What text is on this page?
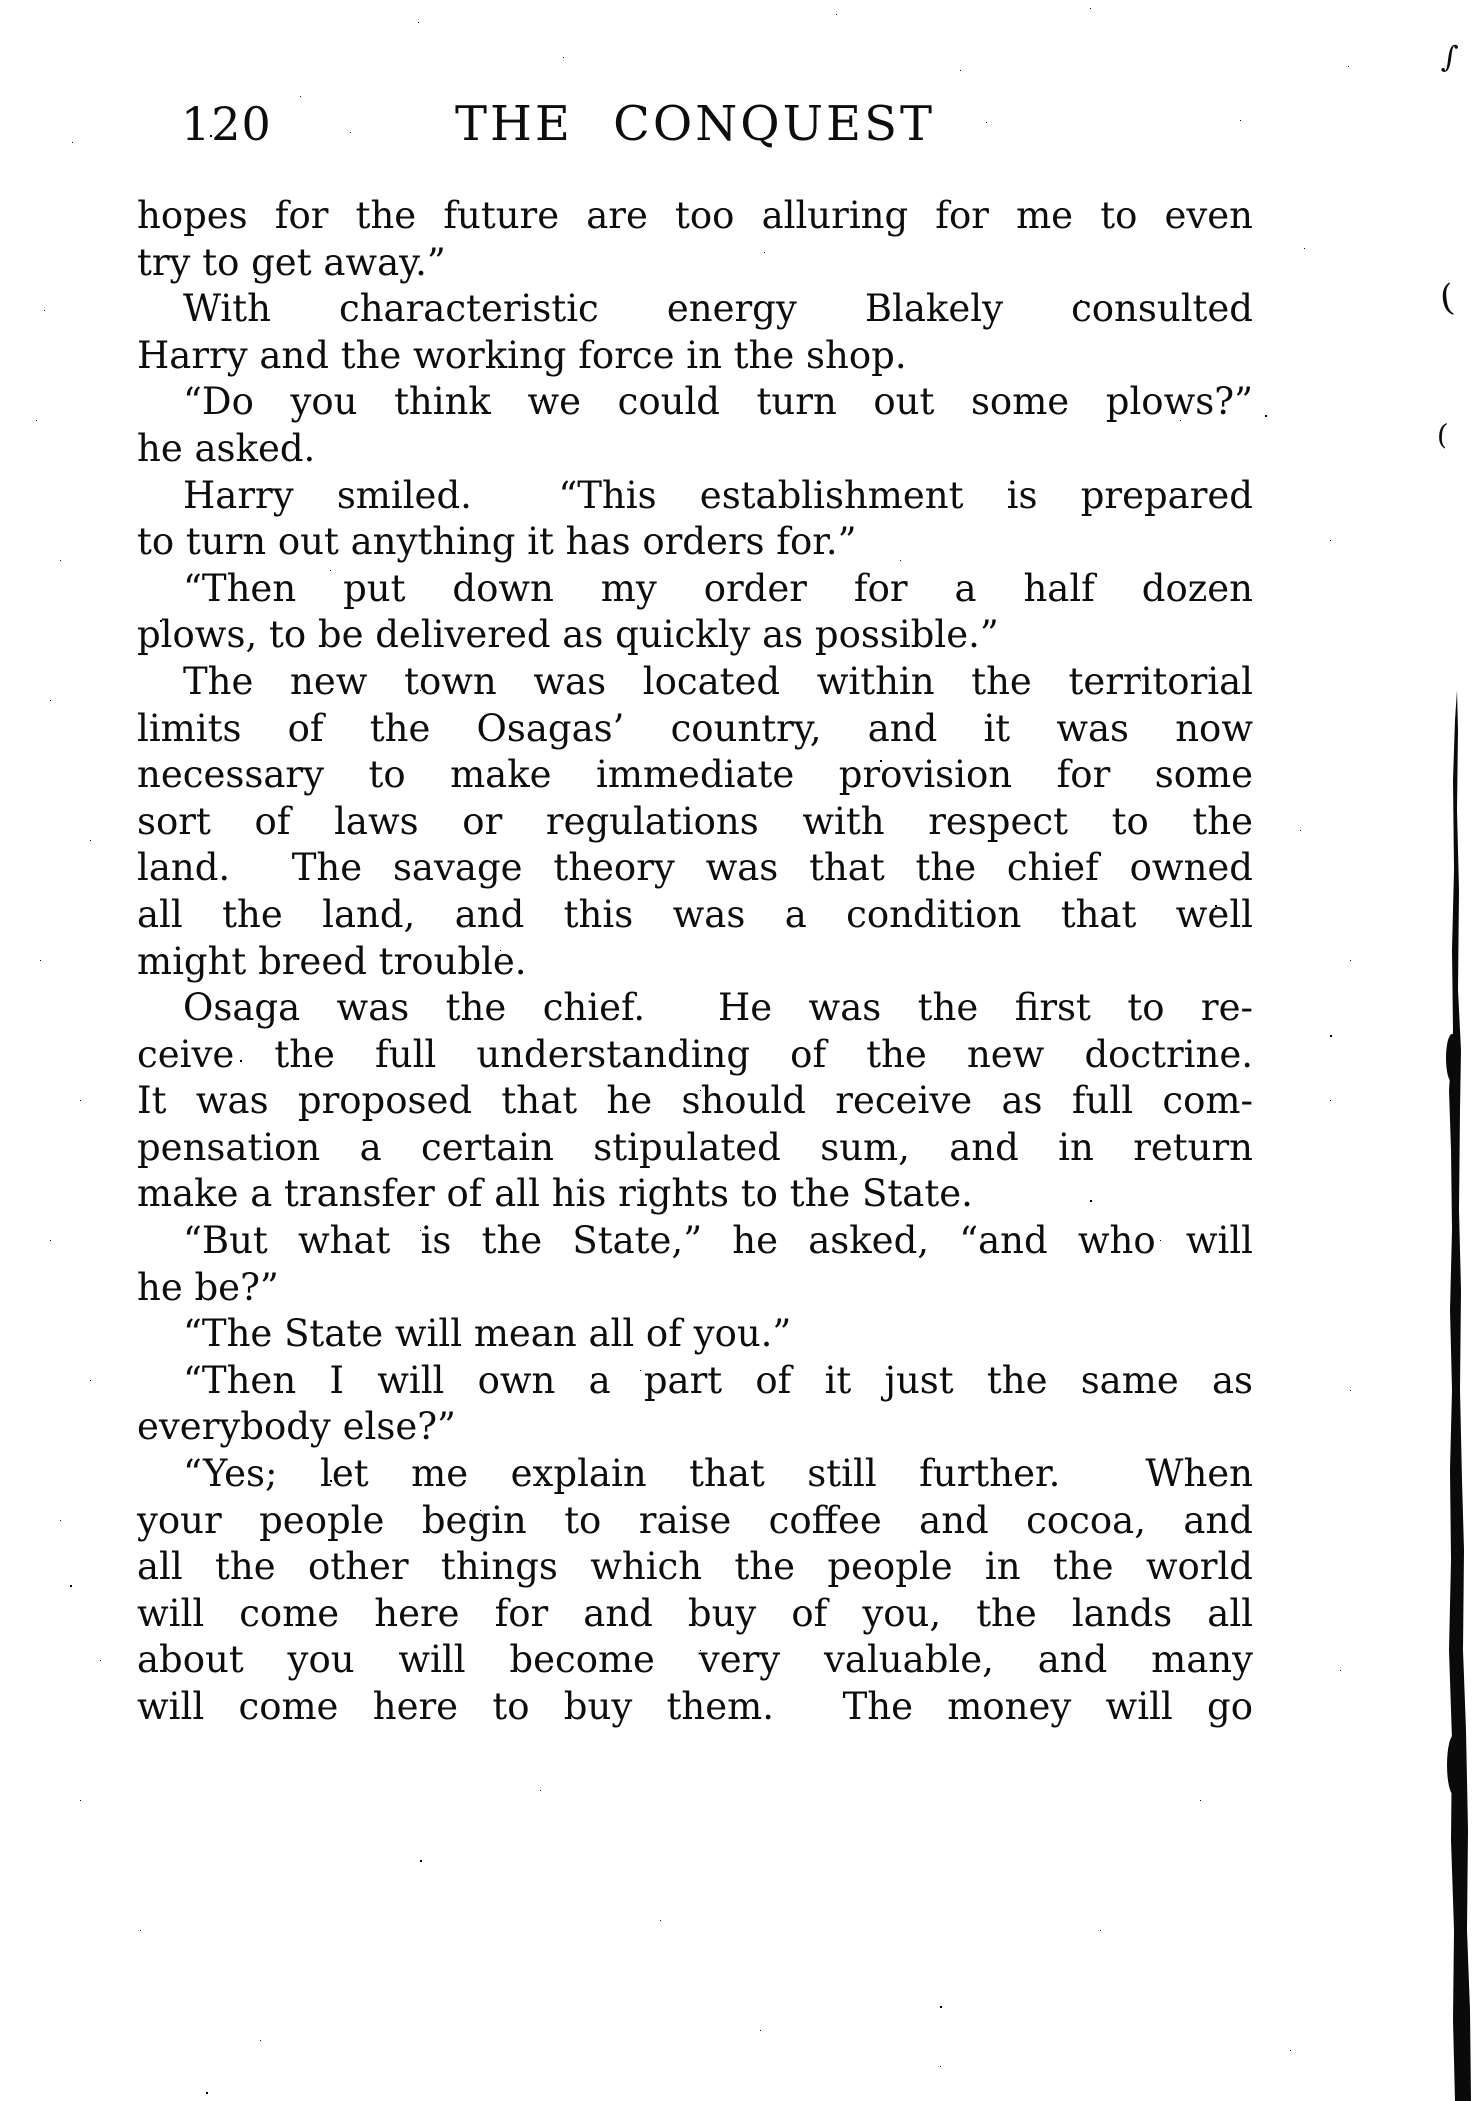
120	THE CONQUEST
hopes for the future are too alluring for me to even
try to get away.”
With characteristic energy Blakely consulted
Harry and the working force in the shop.
“Do you think we could turn out some plows?”
he asked.
Harry smiled.  “This establishment is prepared
to turn out anything it has orders for.”
“Then put down my order for a half dozen
plows, to be delivered as quickly as possible.”
The new town was located within the territorial
limits of the Osagas’ country, and it was now
necessary to make immediate provision for some
sort of laws or regulations with respect to the
land.  The savage theory was that the chief owned
all the land, and this was a condition that well
might breed trouble.
Osaga was the chief.  He was the first to re-
ceive the full understanding of the new doctrine.
It was proposed that he should receive as full com-
pensation a certain stipulated sum, and in return
make a transfer of all his rights to the State.
“But what is the State,” he asked, “and who will
he be?”
“The State will mean all of you.”
“Then I will own a part of it just the same as
everybody else?”
“Yes; let me explain that still further.  When
your people begin to raise coffee and cocoa, and
all the other things which the people in the world
will come here for and buy of you, the lands all
about you will become very valuable, and many
will come here to buy them.  The money will go
∫
(
(
